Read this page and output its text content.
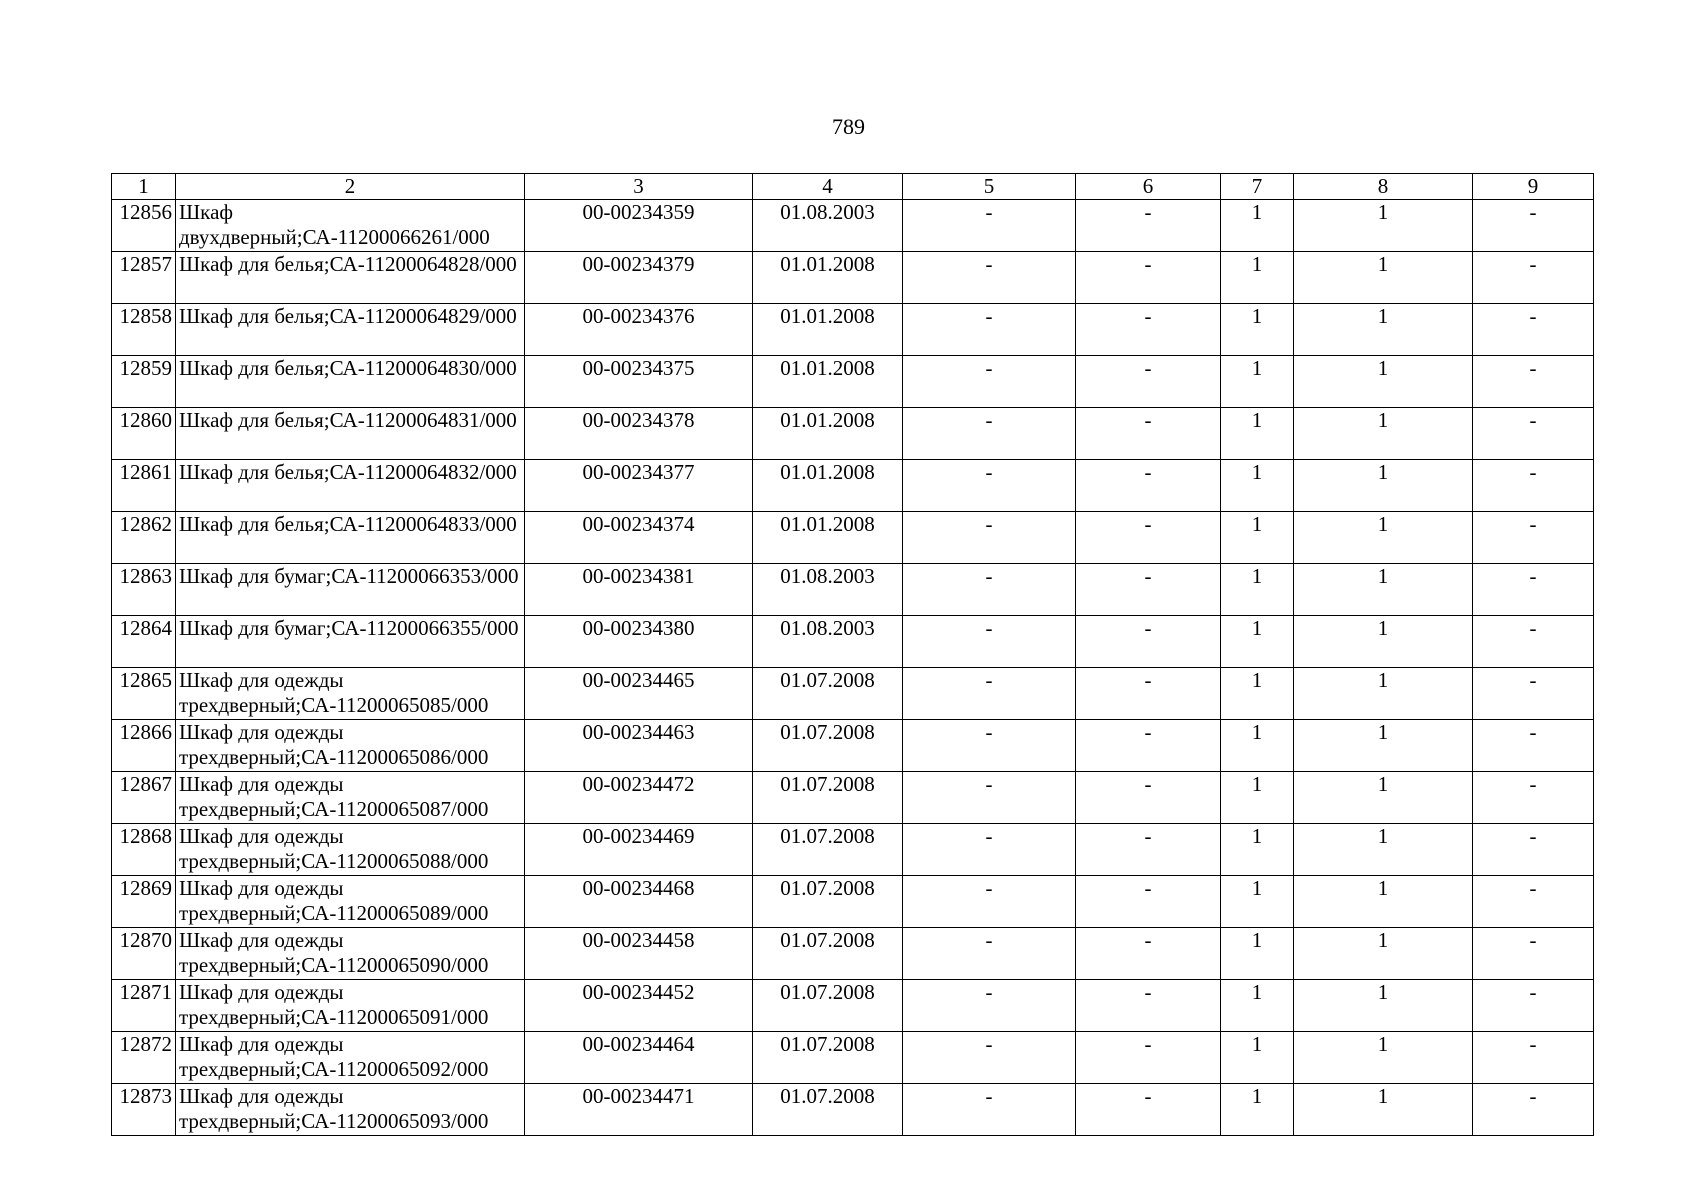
789
1	2	3	4	5	6	7	8	9
12856	Шкаф двухдверный;СА-11200066261/000	00-00234359	01.08.2003	-	-	1	1	-
12857	Шкаф для белья;СА-11200064828/000	00-00234379	01.01.2008	-	-	1	1	-
12858	Шкаф для белья;СА-11200064829/000	00-00234376	01.01.2008	-	-	1	1	-
12859	Шкаф для белья;СА-11200064830/000	00-00234375	01.01.2008	-	-	1	1	-
12860	Шкаф для белья;СА-11200064831/000	00-00234378	01.01.2008	-	-	1	1	-
12861	Шкаф для белья;СА-11200064832/000	00-00234377	01.01.2008	-	-	1	1	-
12862	Шкаф для белья;СА-11200064833/000	00-00234374	01.01.2008	-	-	1	1	-
12863	Шкаф для бумаг;СА-11200066353/000	00-00234381	01.08.2003	-	-	1	1	-
12864	Шкаф для бумаг;СА-11200066355/000	00-00234380	01.08.2003	-	-	1	1	-
12865	Шкаф для одежды трехдверный;СА-11200065085/000	00-00234465	01.07.2008	-	-	1	1	-
12866	Шкаф для одежды трехдверный;СА-11200065086/000	00-00234463	01.07.2008	-	-	1	1	-
12867	Шкаф для одежды трехдверный;СА-11200065087/000	00-00234472	01.07.2008	-	-	1	1	-
12868	Шкаф для одежды трехдверный;СА-11200065088/000	00-00234469	01.07.2008	-	-	1	1	-
12869	Шкаф для одежды трехдверный;СА-11200065089/000	00-00234468	01.07.2008	-	-	1	1	-
12870	Шкаф для одежды трехдверный;СА-11200065090/000	00-00234458	01.07.2008	-	-	1	1	-
12871	Шкаф для одежды трехдверный;СА-11200065091/000	00-00234452	01.07.2008	-	-	1	1	-
12872	Шкаф для одежды трехдверный;СА-11200065092/000	00-00234464	01.07.2008	-	-	1	1	-
12873	Шкаф для одежды трехдверный;СА-11200065093/000	00-00234471	01.07.2008	-	-	1	1	-
